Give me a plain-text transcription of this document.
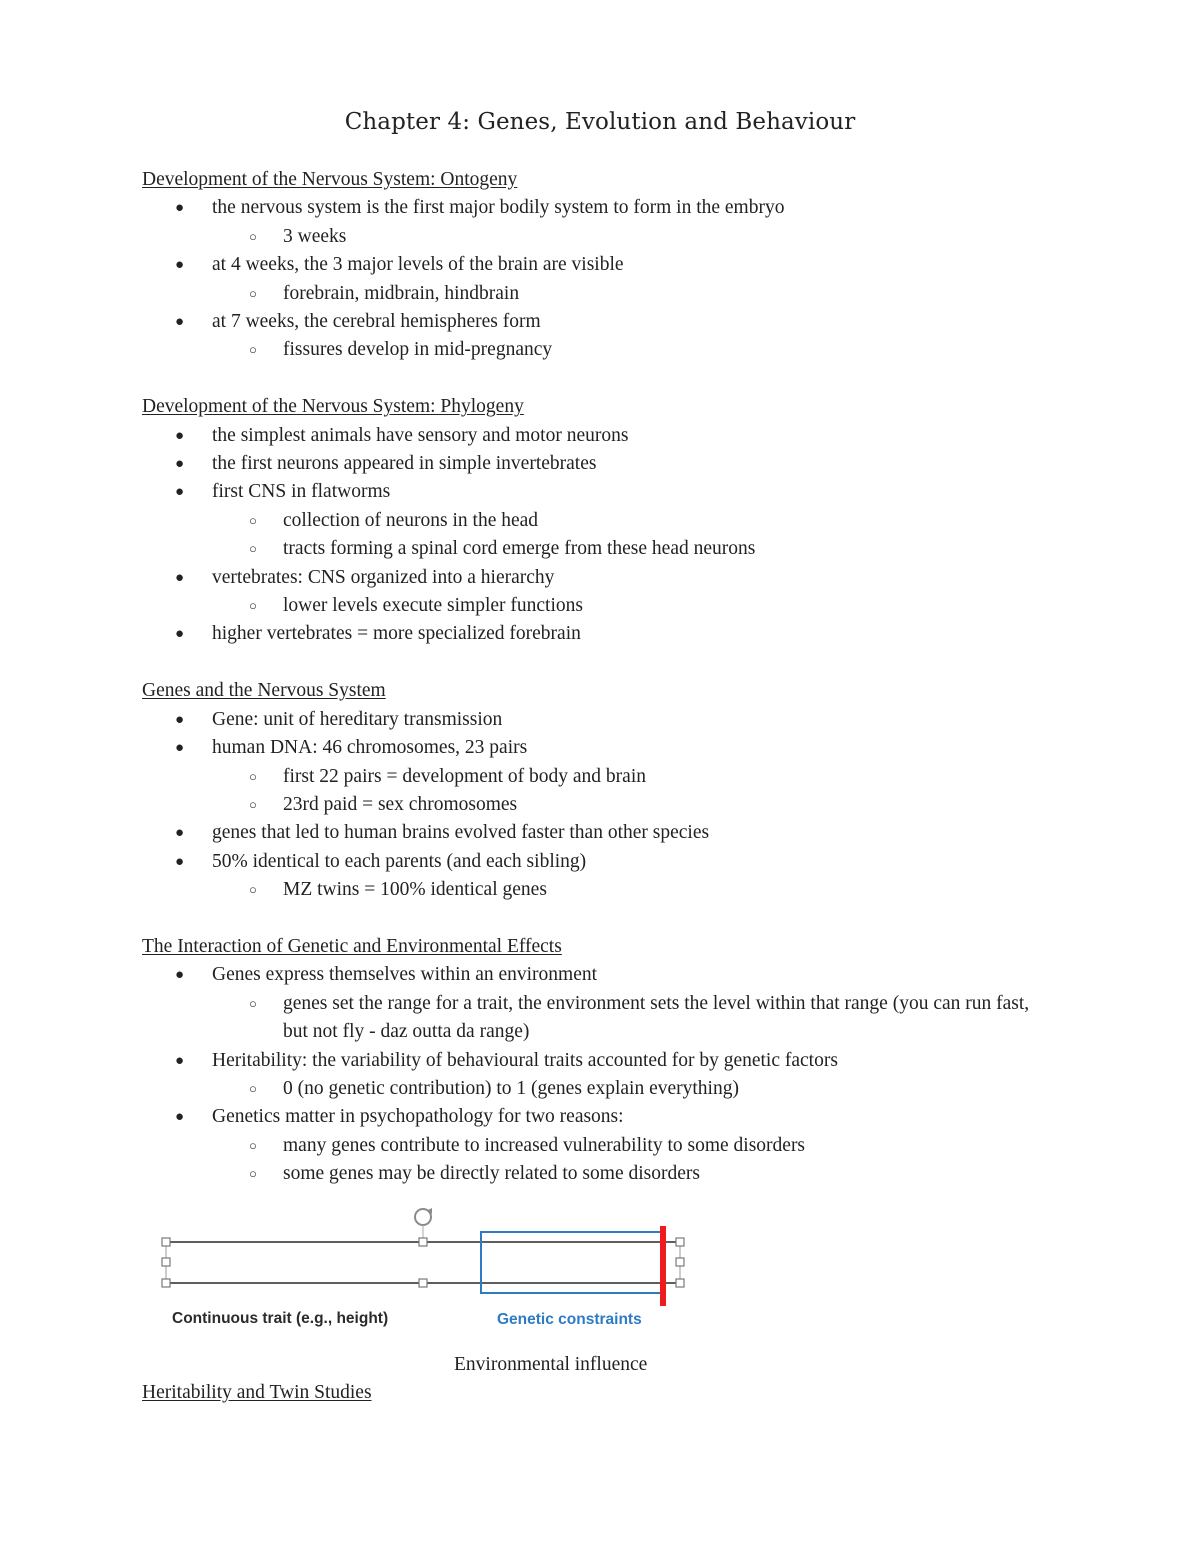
Chapter 4: Genes, Evolution and Behaviour
Development of the Nervous System: Ontogeny
● the nervous system is the first major bodily system to form in the embryo
○ 3 weeks
● at 4 weeks, the 3 major levels of the brain are visible
○ forebrain, midbrain, hindbrain
● at 7 weeks, the cerebral hemispheres form
○ fissures develop in mid-pregnancy
Development of the Nervous System: Phylogeny
● the simplest animals have sensory and motor neurons
● the first neurons appeared in simple invertebrates
● first CNS in flatworms
○ collection of neurons in the head
○ tracts forming a spinal cord emerge from these head neurons
● vertebrates: CNS organized into a hierarchy
○ lower levels execute simpler functions
● higher vertebrates = more specialized forebrain
Genes and the Nervous System
● Gene: unit of hereditary transmission
● human DNA: 46 chromosomes, 23 pairs
○ first 22 pairs = development of body and brain
○ 23rd paid = sex chromosomes
● genes that led to human brains evolved faster than other species
● 50% identical to each parents (and each sibling)
○ MZ twins = 100% identical genes
The Interaction of Genetic and Environmental Effects
● Genes express themselves within an environment
○ genes set the range for a trait, the environment sets the level within that range (you can run fast, but not fly - daz outta da range)
● Heritability: the variability of behavioural traits accounted for by genetic factors
○ 0 (no genetic contribution) to 1 (genes explain everything)
● Genetics matter in psychopathology for two reasons:
○ many genes contribute to increased vulnerability to some disorders
○ some genes may be directly related to some disorders
Continuous trait (e.g., height)	Genetic constraints
Environmental influence
Heritability and Twin Studies
